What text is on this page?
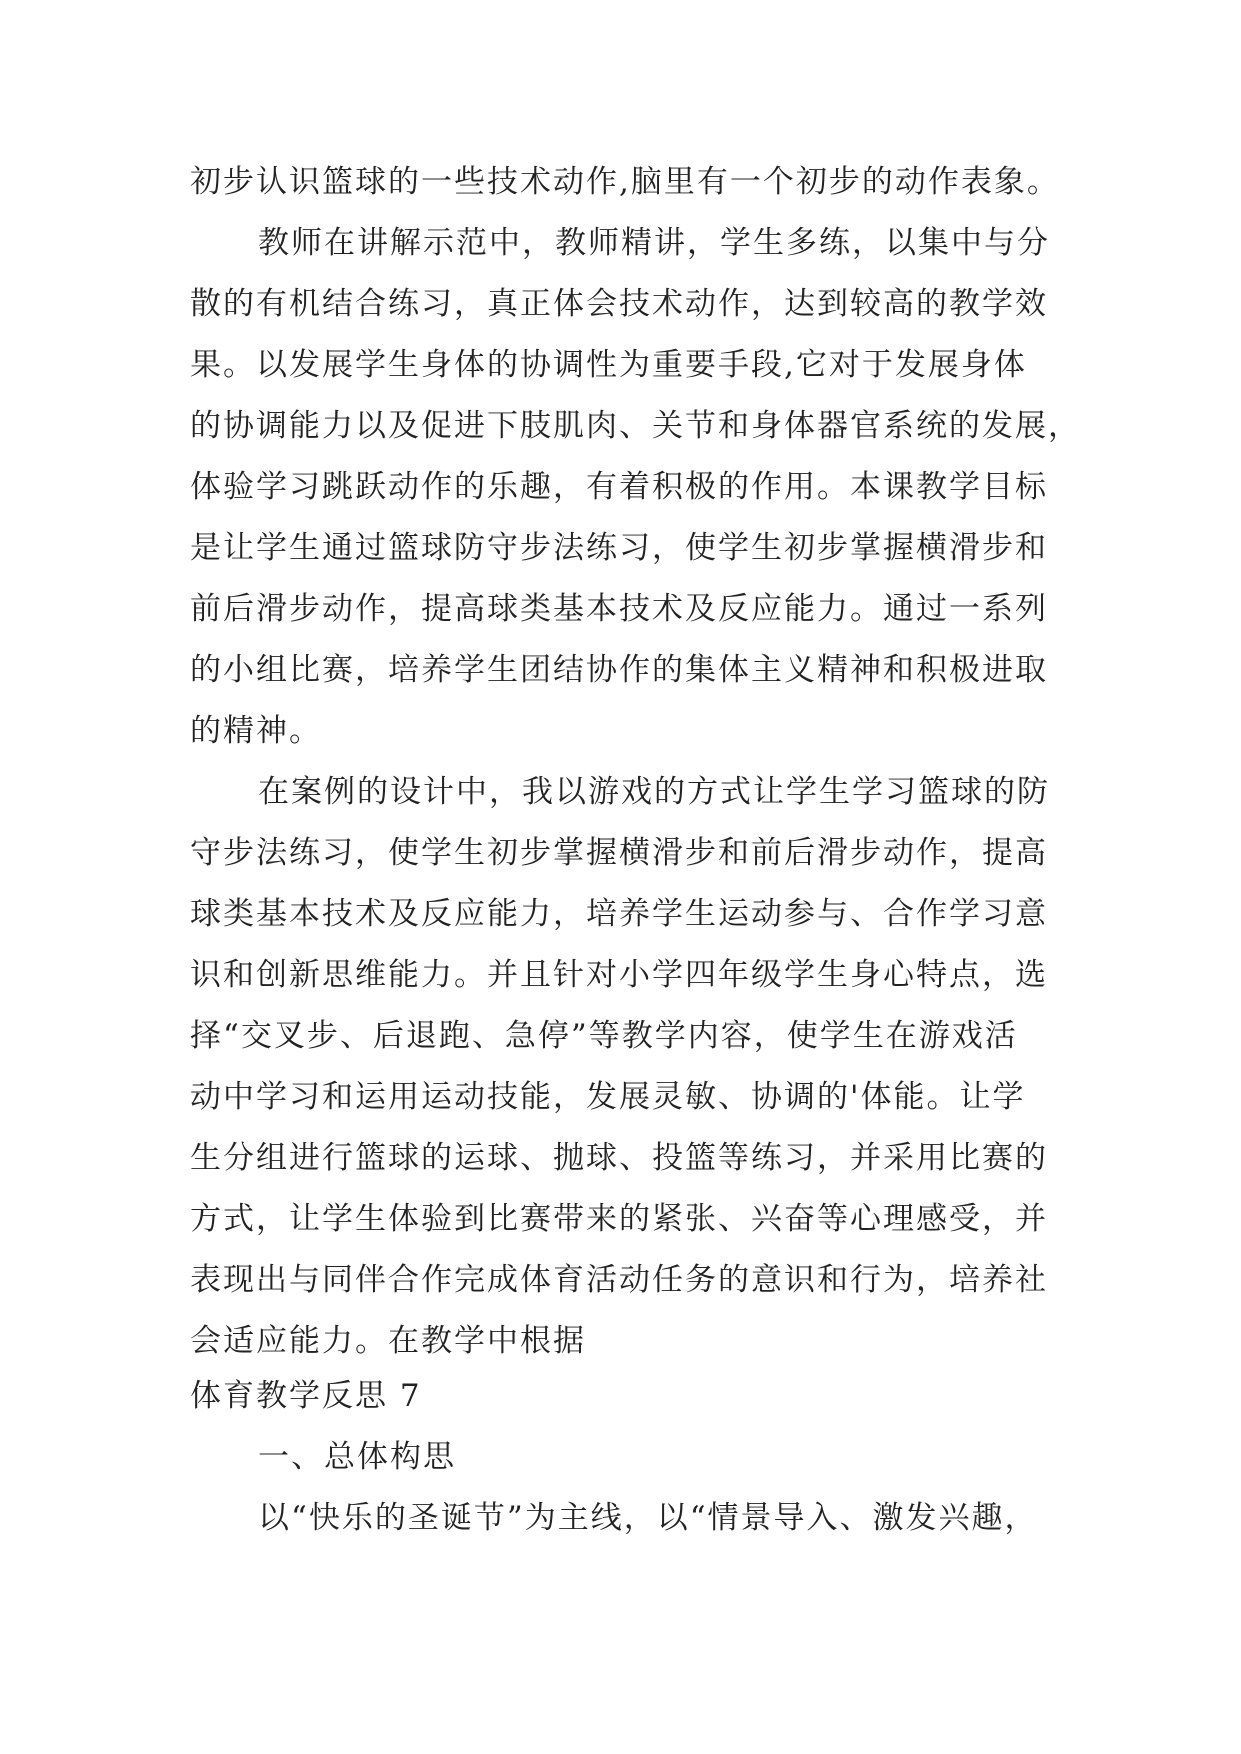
初步认识篮球的一些技术动作,脑里有一个初步的动作表象。
教师在讲解示范中，教师精讲，学生多练，以集中与分
散的有机结合练习，真正体会技术动作，达到较高的教学效
果。以发展学生身体的协调性为重要手段,它对于发展身体
的协调能力以及促进下肢肌肉、关节和身体器官系统的发展，
体验学习跳跃动作的乐趣，有着积极的作用。本课教学目标
是让学生通过篮球防守步法练习，使学生初步掌握横滑步和
前后滑步动作，提高球类基本技术及反应能力。通过一系列
的小组比赛，培养学生团结协作的集体主义精神和积极进取
的精神。
在案例的设计中，我以游戏的方式让学生学习篮球的防
守步法练习，使学生初步掌握横滑步和前后滑步动作，提高
球类基本技术及反应能力，培养学生运动参与、合作学习意
识和创新思维能力。并且针对小学四年级学生身心特点，选
择“交叉步、后退跑、急停”等教学内容，使学生在游戏活
动中学习和运用运动技能，发展灵敏、协调的'体能。让学
生分组进行篮球的运球、抛球、投篮等练习，并采用比赛的
方式，让学生体验到比赛带来的紧张、兴奋等心理感受，并
表现出与同伴合作完成体育活动任务的意识和行为，培养社
会适应能力。在教学中根据
体育教学反思 7
一、总体构思
以“快乐的圣诞节”为主线，以“情景导入、激发兴趣，
